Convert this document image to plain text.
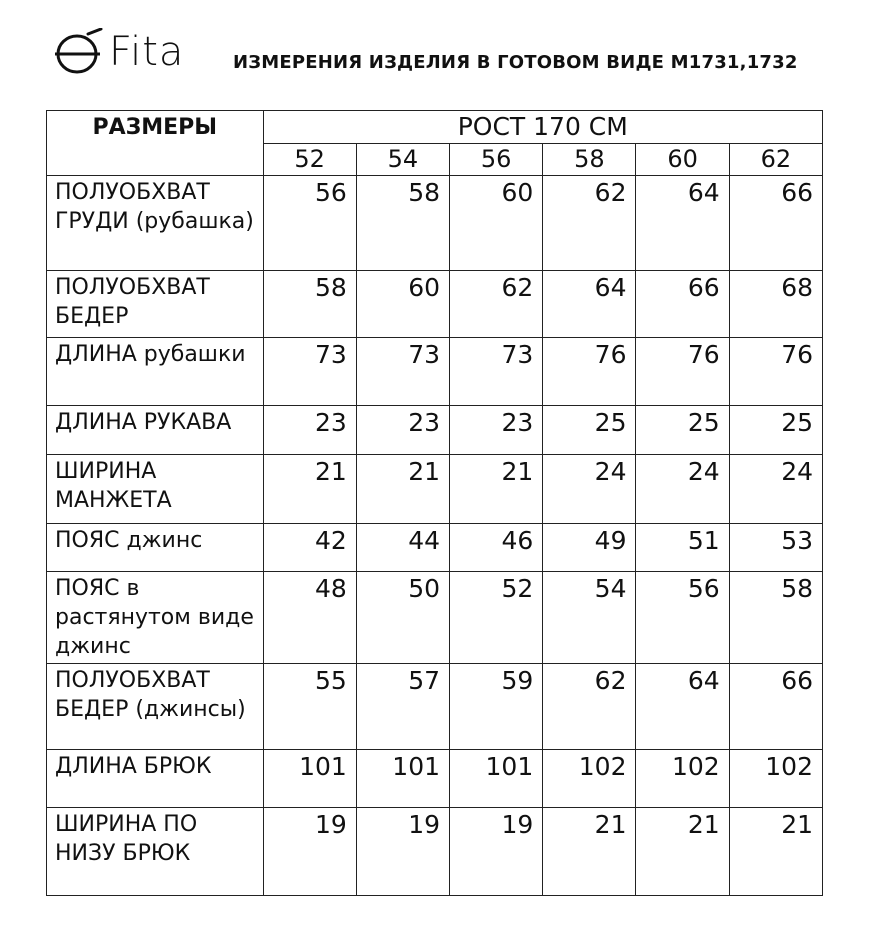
Fita	ИЗМЕРЕНИЯ ИЗДЕЛИЯ В ГОТОВОМ ВИДЕ М1731,1732
РАЗМЕРЫ	РОСТ 170 СМ					
	52	54	56	58	60	62
ПОЛУОБХВАТ ГРУДИ (рубашка)	56	58	60	62	64	66
ПОЛУОБХВАТ БЕДЕР	58	60	62	64	66	68
ДЛИНА рубашки	73	73	73	76	76	76
ДЛИНА РУКАВА	23	23	23	25	25	25
ШИРИНА МАНЖЕТА	21	21	21	24	24	24
ПОЯС джинс	42	44	46	49	51	53
ПОЯС в растянутом виде джинс	48	50	52	54	56	58
ПОЛУОБХВАТ БЕДЕР (джинсы)	55	57	59	62	64	66
ДЛИНА БРЮК	101	101	101	102	102	102
ШИРИНА ПО НИЗУ БРЮК	19	19	19	21	21	21
